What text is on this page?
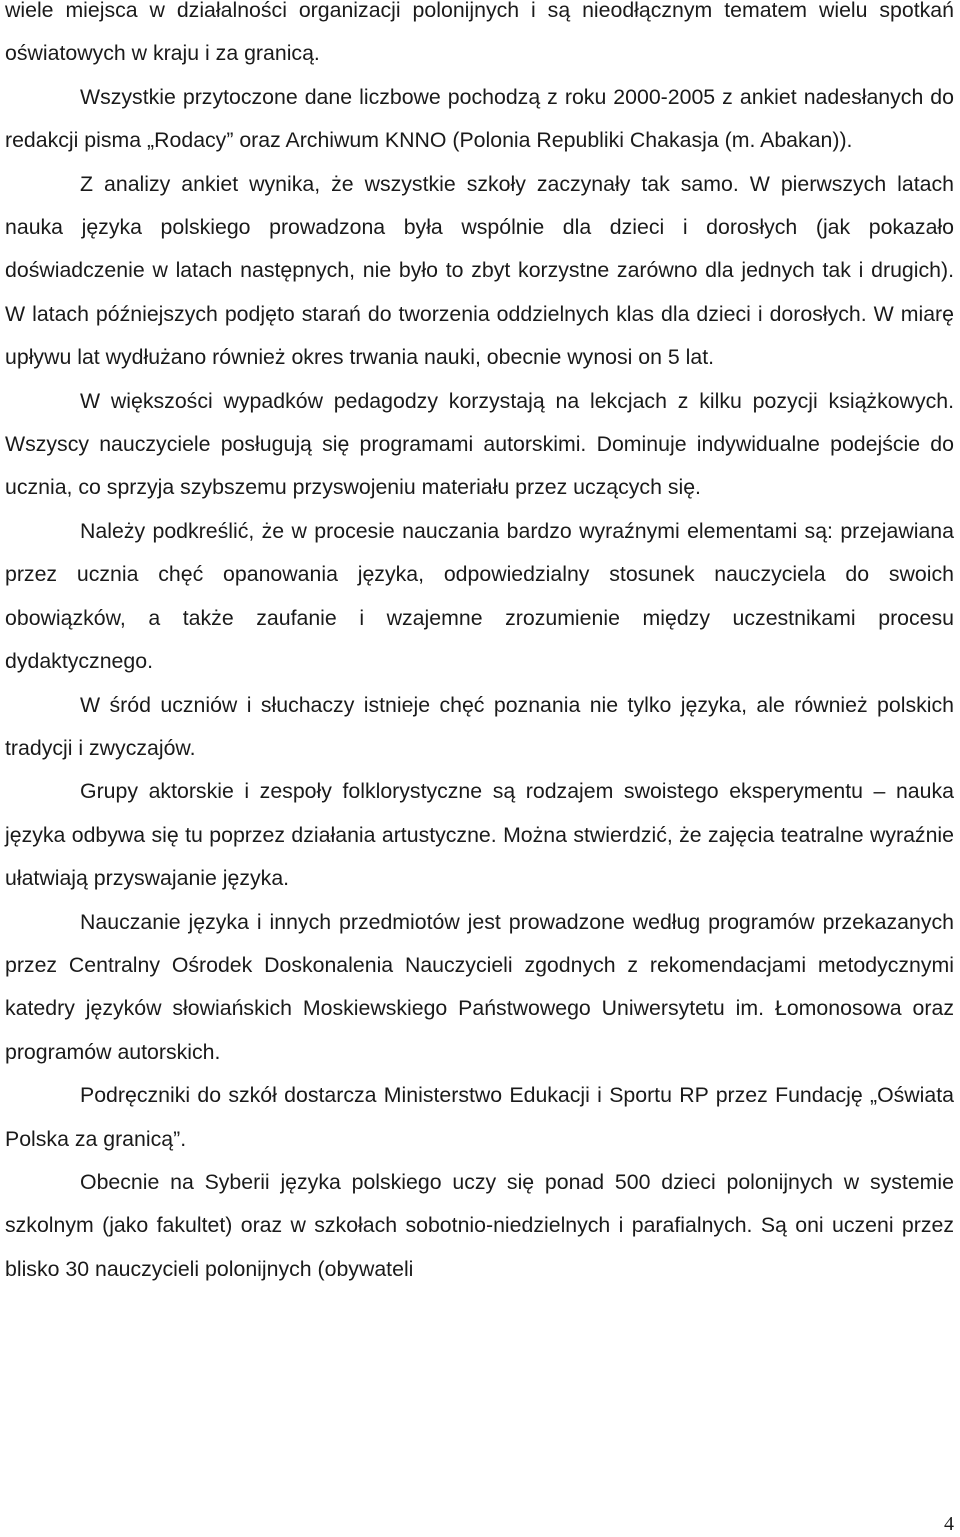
wiele miejsca w działalności organizacji polonijnych i są nieodłącznym tematem wielu spotkań oświatowych w kraju i za granicą.

Wszystkie przytoczone dane liczbowe pochodzą z roku 2000-2005 z ankiet nadesłanych do redakcji pisma „Rodacy” oraz Archiwum KNNO (Polonia Republiki Chakasja (m. Abakan)).

Z analizy ankiet wynika, że wszystkie szkoły zaczynały tak samo. W pierwszych latach nauka języka polskiego prowadzona była wspólnie dla dzieci i dorosłych (jak pokazało doświadczenie w latach następnych, nie było to zbyt korzystne zarówno dla jednych tak i drugich). W latach późniejszych podjęto starań do tworzenia oddzielnych klas dla dzieci i dorosłych. W miarę upływu lat wydłużano również okres trwania nauki, obecnie wynosi on 5 lat.

W większości wypadków pedagodzy korzystają na lekcjach z kilku pozycji książkowych. Wszyscy nauczyciele posługują się programami autorskimi. Dominuje indywidualne podejście do ucznia, co sprzyja szybszemu przyswojeniu materiału przez uczących się.

Należy podkreślić, że w procesie nauczania bardzo wyraźnymi elementami są: przejawiana przez ucznia chęć opanowania języka, odpowiedzialny stosunek nauczyciela do swoich obowiązków, a także zaufanie i wzajemne zrozumienie między uczestnikami procesu dydaktycznego.

W śród uczniów i słuchaczy istnieje chęć poznania nie tylko języka, ale również polskich tradycji i zwyczajów.

Grupy aktorskie i zespoły folklorystyczne są rodzajem swoistego eksperymentu – nauka języka odbywa się tu poprzez działania artustyczne. Można stwierdzić, że zajęcia teatralne wyraźnie ułatwiają przyswajanie języka.

Nauczanie języka i innych przedmiotów jest prowadzone według programów przekazanych przez Centralny Ośrodek Doskonalenia Nauczycieli zgodnych z rekomendacjami metodycznymi katedry języków słowiańskich Moskiewskiego Państwowego Uniwersytetu im. Łomonosowa oraz programów autorskich.

Podręczniki do szkół dostarcza Ministerstwo Edukacji i Sportu RP przez Fundację „Oświata Polska za granicą”.

Obecnie na Syberii języka polskiego uczy się ponad 500 dzieci polonijnych w systemie szkolnym (jako fakultet) oraz w szkołach sobotnio-niedzielnych i parafialnych. Są oni uczeni przez blisko 30 nauczycieli polonijnych (obywateli

4
